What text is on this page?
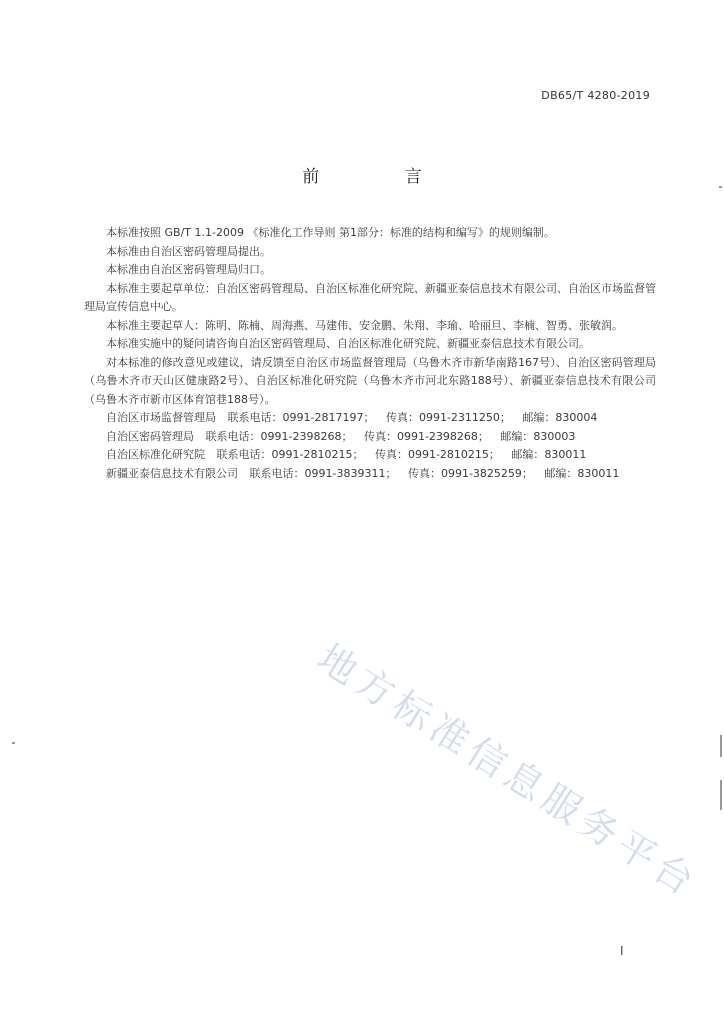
DB65/T 4280-2019
前 言

本标准按照 GB/T 1.1-2009 《标准化工作导则 第1部分：标准的结构和编写》的规则编制。

本标准由自治区密码管理局提出。

本标准由自治区密码管理局归口。

本标准主要起草单位：自治区密码管理局、自治区标准化研究院、新疆亚泰信息技术有限公司、自治区市场监督管理局宣传信息中心。

本标准主要起草人：陈明、陈楠、周海燕、马建伟、安金鹏、朱翔、李瑜、哈丽旦、李楠、智勇、张敏润。

本标准实施中的疑问请咨询自治区密码管理局、自治区标准化研究院、新疆亚泰信息技术有限公司。

对本标准的修改意见或建议，请反馈至自治区市场监督管理局（乌鲁木齐市新华南路167号）、自治区密码管理局（乌鲁木齐市天山区健康路2号）、自治区标准化研究院（乌鲁木齐市河北东路188号）、新疆亚泰信息技术有限公司（乌鲁木齐市新市区体育馆巷188号）。

自治区市场监督管理局 联系电话：0991-2817197； 传真：0991-2311250； 邮编：830004
自治区密码管理局 联系电话：0991-2398268； 传真：0991-2398268； 邮编：830003
自治区标准化研究院 联系电话：0991-2810215； 传真：0991-2810215； 邮编：830011
新疆亚泰信息技术有限公司 联系电话：0991-3839311； 传真：0991-3825259； 邮编：830011
地方标准信息服务平台
I
